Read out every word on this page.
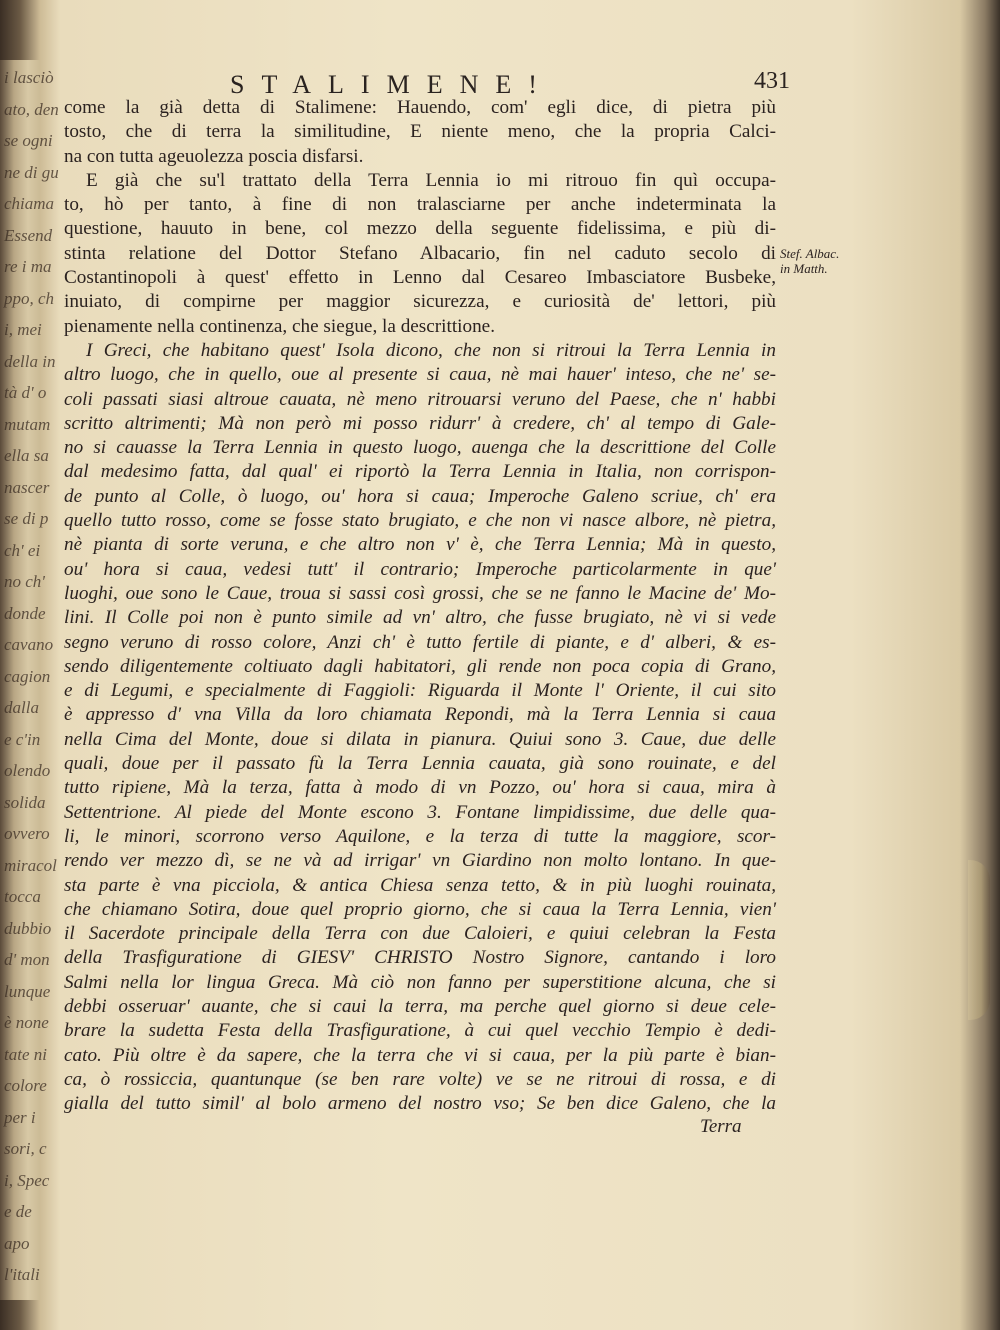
i lasciò
ato, den
se ogni
ne di gu
chiama
Essend
re i ma
ppo, ch
i, mei
della in
tà d' o
mutam
ella sa
nascer
se di p
ch' ei
no ch'
donde
cavano
cagion
dalla
e c'in
olendo
solida
ovvero
miracol
tocca
dubbio
d' mon
lunque
è none
tate ni
colore
per i
sori, c
i, Spec
e de
apo
l'itali
STALIMENE!	431
come la già detta di Stalimene: Hauendo, com' egli dice, di pietra più
tosto, che di terra la similitudine, E niente meno, che la propria Calci-
na con tutta ageuolezza poscia disfarsi.
E già che su'l trattato della Terra Lennia io mi ritrouo fin quì occupa-
to, hò per tanto, à fine di non tralasciarne per anche indeterminata la
questione, hauuto in bene, col mezzo della seguente fidelissima, e più di-
stinta relatione del Dottor Stefano Albacario, fin nel caduto secolo di
Costantinopoli à quest' effetto in Lenno dal Cesareo Imbasciatore Busbeke,
inuiato, di compirne per maggior sicurezza, e curiosità de' lettori, più
pienamente nella continenza, che siegue, la descrittione.
I Greci, che habitano quest' Isola dicono, che non si ritroui la Terra Lennia in
altro luogo, che in quello, oue al presente si caua, nè mai hauer' inteso, che ne' se-
coli passati siasi altroue cauata, nè meno ritrouarsi veruno del Paese, che n' habbi
scritto altrimenti; Mà non però mi posso ridurr' à credere, ch' al tempo di Gale-
no si cauasse la Terra Lennia in questo luogo, auenga che la descrittione del Colle
dal medesimo fatta, dal qual' ei riportò la Terra Lennia in Italia, non corrispon-
de punto al Colle, ò luogo, ou' hora si caua; Imperoche Galeno scriue, ch' era
quello tutto rosso, come se fosse stato brugiato, e che non vi nasce albore, nè pietra,
nè pianta di sorte veruna, e che altro non v' è, che Terra Lennia; Mà in questo,
ou' hora si caua, vedesi tutt' il contrario; Imperoche particolarmente in que'
luoghi, oue sono le Caue, troua si sassi così grossi, che se ne fanno le Macine de' Mo-
lini. Il Colle poi non è punto simile ad vn' altro, che fusse brugiato, nè vi si vede
segno veruno di rosso colore, Anzi ch' è tutto fertile di piante, e d' alberi, & es-
sendo diligentemente coltiuato dagli habitatori, gli rende non poca copia di Grano,
e di Legumi, e specialmente di Faggioli: Riguarda il Monte l' Oriente, il cui sito
è appresso d' vna Villa da loro chiamata Repondi, mà la Terra Lennia si caua
nella Cima del Monte, doue si dilata in pianura. Quiui sono 3. Caue, due delle
quali, doue per il passato fù la Terra Lennia cauata, già sono rouinate, e del
tutto ripiene, Mà la terza, fatta à modo di vn Pozzo, ou' hora si caua, mira à
Settentrione. Al piede del Monte escono 3. Fontane limpidissime, due delle qua-
li, le minori, scorrono verso Aquilone, e la terza di tutte la maggiore, scor-
rendo ver mezzo dì, se ne và ad irrigar' vn Giardino non molto lontano. In que-
sta parte è vna picciola, & antica Chiesa senza tetto, & in più luoghi rouinata,
che chiamano Sotira, doue quel proprio giorno, che si caua la Terra Lennia, vien'
il Sacerdote principale della Terra con due Caloieri, e quiui celebran la Festa
della Trasfiguratione di GIESV' CHRISTO Nostro Signore, cantando i loro
Salmi nella lor lingua Greca. Mà ciò non fanno per superstitione alcuna, che si
debbi osseruar' auante, che si caui la terra, ma perche quel giorno si deue cele-
brare la sudetta Festa della Trasfiguratione, à cui quel vecchio Tempio è dedi-
cato. Più oltre è da sapere, che la terra che vi si caua, per la più parte è bian-
ca, ò rossiccia, quantunque (se ben rare volte) ve se ne ritroui di rossa, e di
gialla del tutto simil' al bolo armeno del nostro vso; Se ben dice Galeno, che la
Stef. Albac.
in Matth.
Terra
